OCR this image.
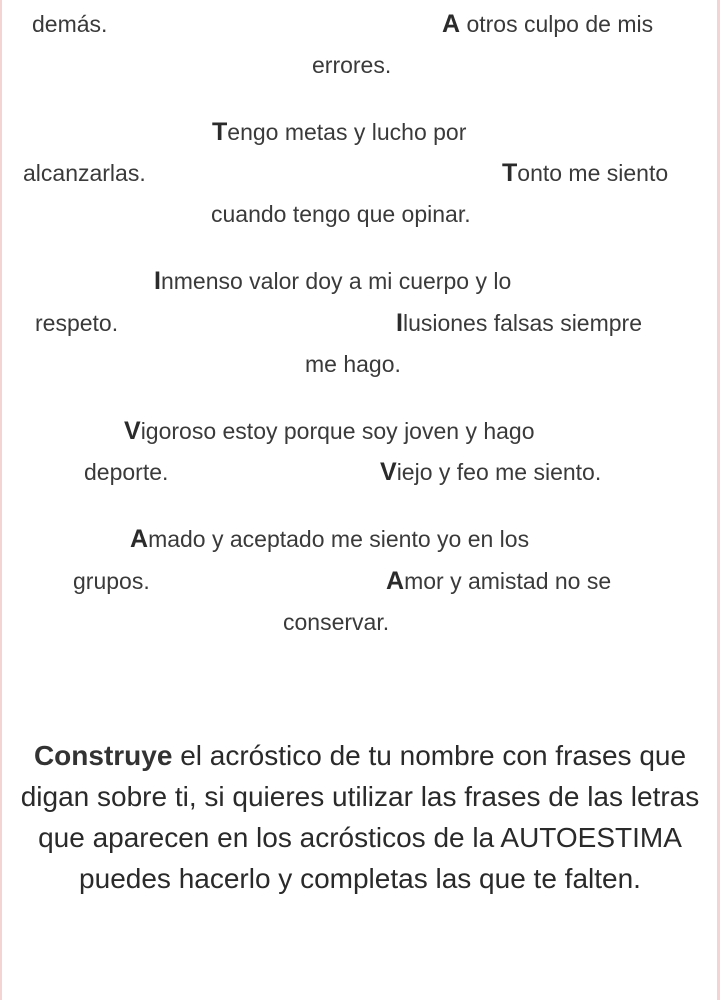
demás.	A otros culpo de mis
errores.
Tengo metas y lucho por
alcanzarlas.	Tonto me siento
cuando tengo que opinar.
Inmenso valor doy a mi cuerpo y lo
respeto.	Ilusiones falsas siempre
me hago.
Vigoroso estoy porque soy joven y hago
deporte.	Viejo y feo me siento.
Amado y aceptado me siento yo en los
grupos.	Amor y amistad no se
conservar.
Construye el acróstico de tu nombre con frases que digan sobre ti, si quieres utilizar las frases de las letras que aparecen en los acrósticos de la AUTOESTIMA puedes hacerlo y completas las que te falten.
